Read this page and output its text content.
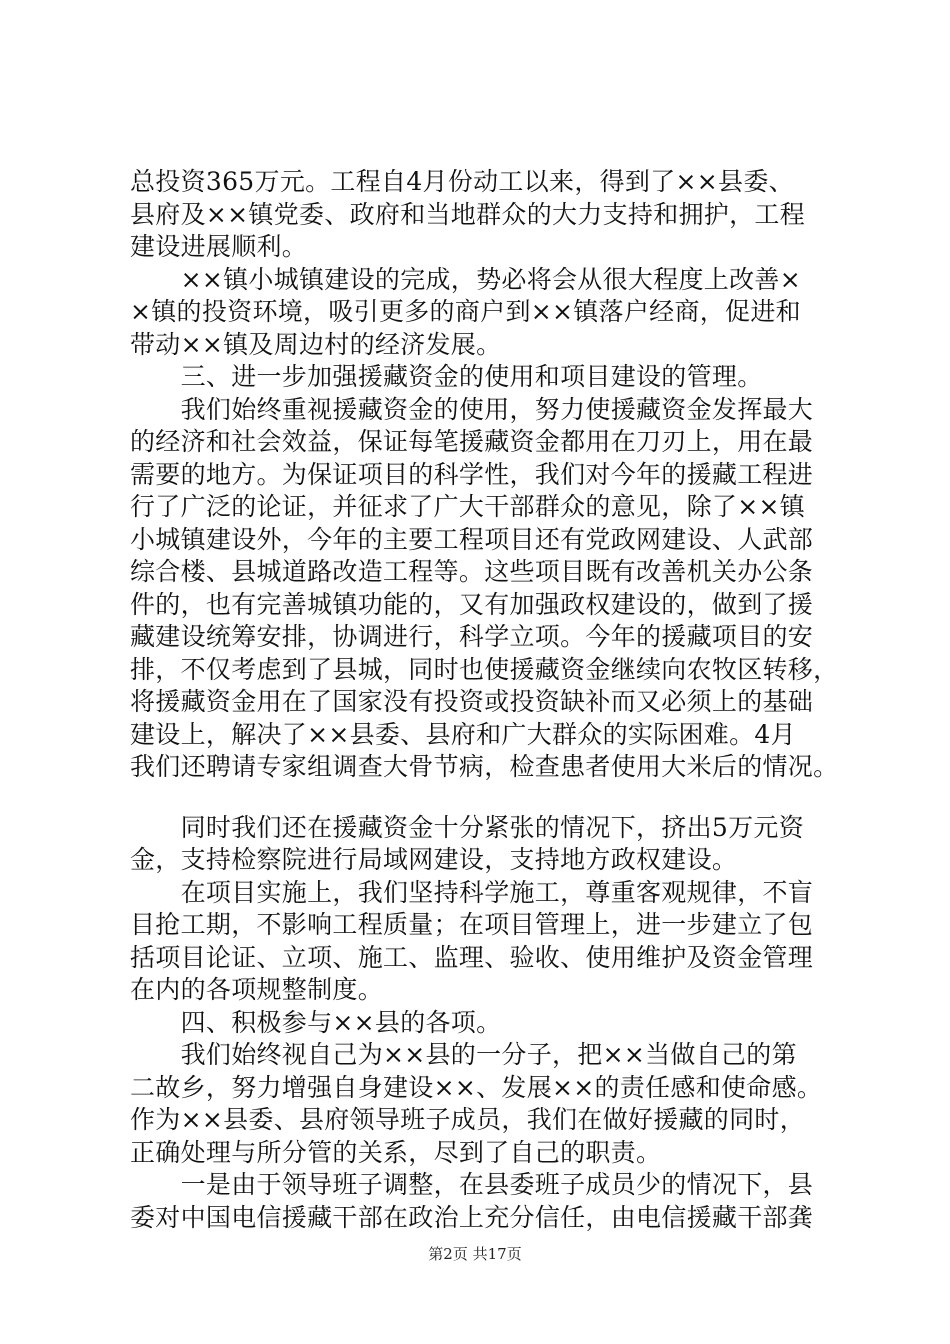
总投资365万元。工程自4月份动工以来，得到了××县委、
县府及××镇党委、政府和当地群众的大力支持和拥护，工程
建设进展顺利。
　　××镇小城镇建设的完成，势必将会从很大程度上改善×
×镇的投资环境，吸引更多的商户到××镇落户经商，促进和
带动××镇及周边村的经济发展。
　　三、进一步加强援藏资金的使用和项目建设的管理。
　　我们始终重视援藏资金的使用，努力使援藏资金发挥最大
的经济和社会效益，保证每笔援藏资金都用在刀刃上，用在最
需要的地方。为保证项目的科学性，我们对今年的援藏工程进
行了广泛的论证，并征求了广大干部群众的意见，除了××镇
小城镇建设外，今年的主要工程项目还有党政网建设、人武部
综合楼、县城道路改造工程等。这些项目既有改善机关办公条
件的，也有完善城镇功能的，又有加强政权建设的，做到了援
藏建设统筹安排，协调进行，科学立项。今年的援藏项目的安
排，不仅考虑到了县城，同时也使援藏资金继续向农牧区转移，
将援藏资金用在了国家没有投资或投资缺补而又必须上的基础
建设上，解决了××县委、县府和广大群众的实际困难。4月
我们还聘请专家组调查大骨节病，检查患者使用大米后的情况。
　　同时我们还在援藏资金十分紧张的情况下，挤出5万元资
金，支持检察院进行局域网建设，支持地方政权建设。
　　在项目实施上，我们坚持科学施工，尊重客观规律，不盲
目抢工期，不影响工程质量；在项目管理上，进一步建立了包
括项目论证、立项、施工、监理、验收、使用维护及资金管理
在内的各项规整制度。
　　四、积极参与××县的各项。
　　我们始终视自己为××县的一分子，把××当做自己的第
二故乡，努力增强自身建设××、发展××的责任感和使命感。
作为××县委、县府领导班子成员，我们在做好援藏的同时，
正确处理与所分管的关系，尽到了自己的职责。
　　一是由于领导班子调整，在县委班子成员少的情况下，县
委对中国电信援藏干部在政治上充分信任，由电信援藏干部龚
第2页 共17页
